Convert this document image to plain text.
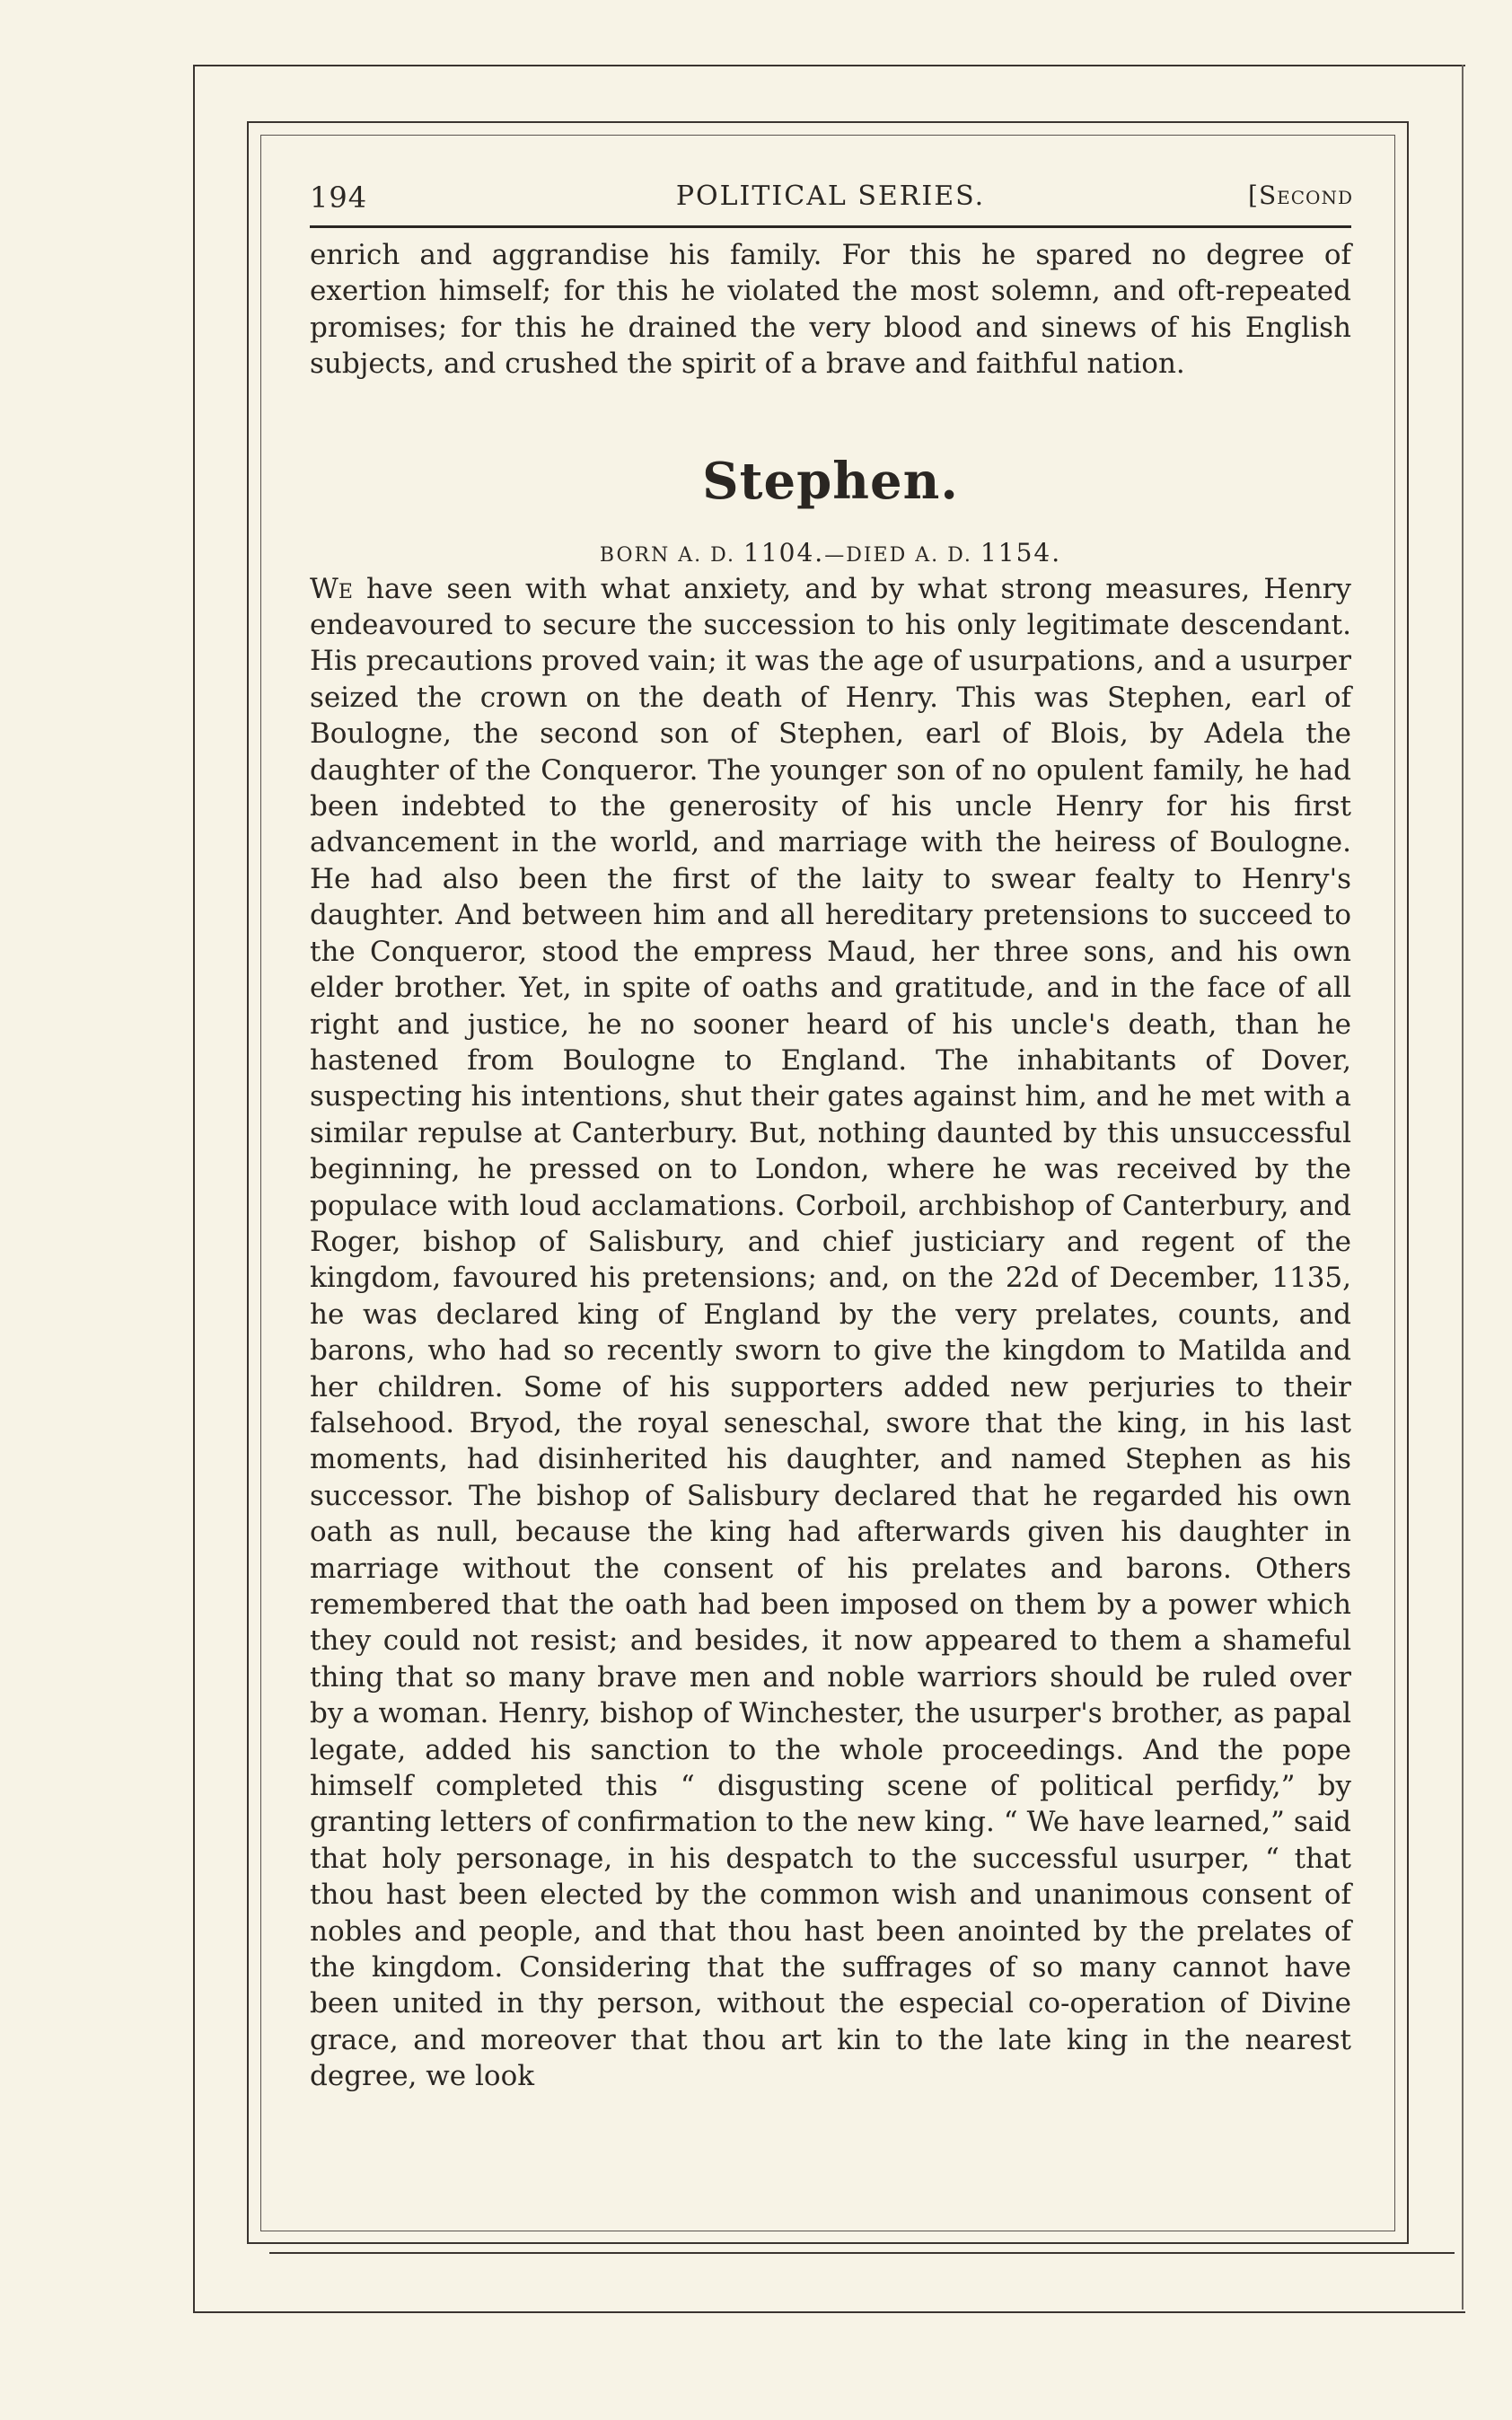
194	POLITICAL SERIES.	[Second

enrich and aggrandise his family. For this he spared no degree of exertion himself; for this he violated the most solemn, and oft-repeated promises; for this he drained the very blood and sinews of his English subjects, and crushed the spirit of a brave and faithful nation.

Stephen.
BORN A. D. 1104.—DIED A. D. 1154.

We have seen with what anxiety, and by what strong measures, Henry endeavoured to secure the succession to his only legitimate descendant. His precautions proved vain; it was the age of usurpations, and a usurper seized the crown on the death of Henry. This was Stephen, earl of Boulogne, the second son of Stephen, earl of Blois, by Adela the daughter of the Conqueror. The younger son of no opulent family, he had been indebted to the generosity of his uncle Henry for his first advancement in the world, and marriage with the heiress of Boulogne. He had also been the first of the laity to swear fealty to Henry's daughter. And between him and all hereditary pretensions to succeed to the Conqueror, stood the empress Maud, her three sons, and his own elder brother. Yet, in spite of oaths and gratitude, and in the face of all right and justice, he no sooner heard of his uncle's death, than he hastened from Boulogne to England. The inhabitants of Dover, suspecting his intentions, shut their gates against him, and he met with a similar repulse at Canterbury. But, nothing daunted by this unsuccessful beginning, he pressed on to London, where he was received by the populace with loud acclamations. Corboil, archbishop of Canterbury, and Roger, bishop of Salisbury, and chief justiciary and regent of the kingdom, favoured his pretensions; and, on the 22d of December, 1135, he was declared king of England by the very prelates, counts, and barons, who had so recently sworn to give the kingdom to Matilda and her children. Some of his supporters added new perjuries to their falsehood. Bryod, the royal seneschal, swore that the king, in his last moments, had disinherited his daughter, and named Stephen as his successor. The bishop of Salisbury declared that he regarded his own oath as null, because the king had afterwards given his daughter in marriage without the consent of his prelates and barons. Others remembered that the oath had been imposed on them by a power which they could not resist; and besides, it now appeared to them a shameful thing that so many brave men and noble warriors should be ruled over by a woman. Henry, bishop of Winchester, the usurper's brother, as papal legate, added his sanction to the whole proceedings. And the pope himself completed this “ disgusting scene of political perfidy,” by granting letters of confirmation to the new king. “ We have learned,” said that holy personage, in his despatch to the successful usurper, “ that thou hast been elected by the common wish and unanimous consent of nobles and people, and that thou hast been anointed by the prelates of the kingdom. Considering that the suffrages of so many cannot have been united in thy person, without the especial co-operation of Divine grace, and moreover that thou art kin to the late king in the nearest degree, we look
